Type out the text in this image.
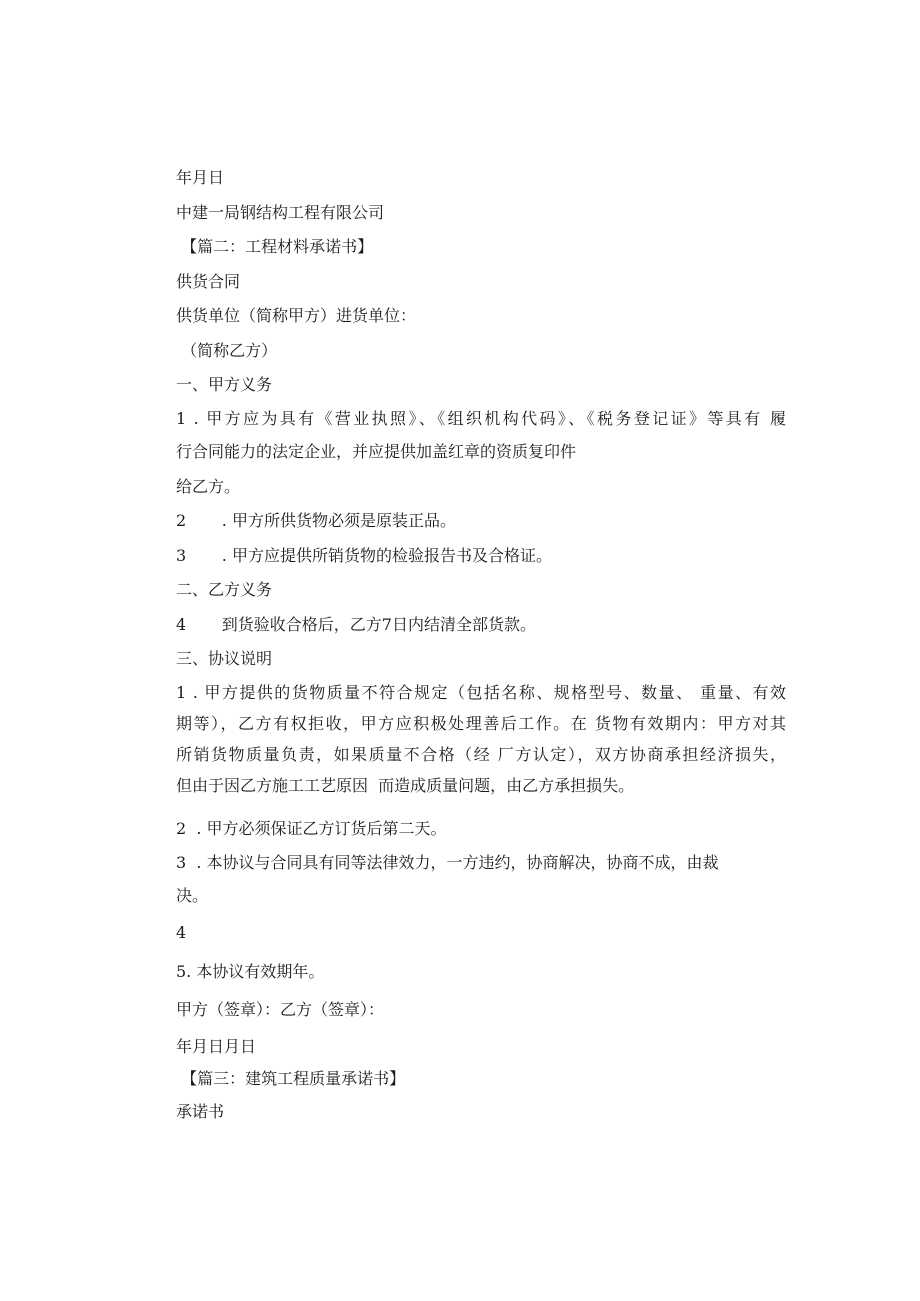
年月日
中建一局钢结构工程有限公司
【篇二：工程材料承诺书】
供货合同
供货单位（简称甲方）进货单位：
（简称乙方）
一、甲方义务
1 . 甲方应为具有《营业执照》、《组织机构代码》、《税务登记证》等具有 履
行合同能力的法定企业，并应提供加盖红章的资质复印件
给乙方。
2       . 甲方所供货物必须是原装正品。
3       . 甲方应提供所销货物的检验报告书及合格证。
二、乙方义务
4       到货验收合格后，乙方7日内结清全部货款。
三、协议说明
1 . 甲方提供的货物质量不符合规定（包括名称、规格型号、数量、 重量、有效
期等），乙方有权拒收，甲方应积极处理善后工作。在 货物有效期内：甲方对其
所销货物质量负责，如果质量不合格（经 厂方认定），双方协商承担经济损失，
但由于因乙方施工工艺原因  而造成质量问题，由乙方承担损失。
2  . 甲方必须保证乙方订货后第二天。
3  . 本协议与合同具有同等法律效力，一方违约，协商解决，协商不成，由裁
决。
4
5. 本协议有效期年。
甲方（签章）：乙方（签章）：
年月日月日
【篇三：建筑工程质量承诺书】
承诺书
